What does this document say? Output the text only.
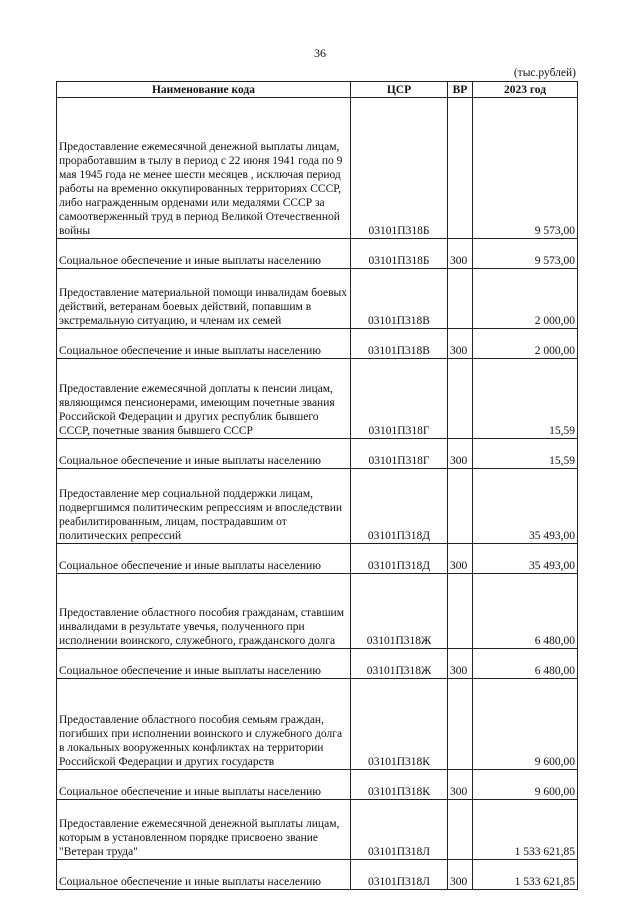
36
(тыс.рублей)
Наименование кода	ЦСР	ВР	2023 год
Предоставление ежемесячной денежной выплаты лицам, проработавшим в тылу в период с 22 июня 1941 года по 9 мая 1945 года не менее шести месяцев , исключая период работы на временно оккупированных территориях СССР, либо награжденным орденами или медалями СССР за самоотверженный труд в период Великой Отечественной войны	03101П318Б		9 573,00
Социальное обеспечение и иные выплаты населению	03101П318Б	300	9 573,00
Предоставление материальной помощи инвалидам боевых действий, ветеранам боевых действий, попавшим в экстремальную ситуацию, и членам их семей	03101П318В		2 000,00
Социальное обеспечение и иные выплаты населению	03101П318В	300	2 000,00
Предоставление ежемесячной доплаты к пенсии лицам, являющимся пенсионерами, имеющим почетные звания Российской Федерации и других республик бывшего СССР, почетные звания бывшего СССР	03101П318Г		15,59
Социальное обеспечение и иные выплаты населению	03101П318Г	300	15,59
Предоставление мер социальной поддержки лицам, подвергшимся политическим репрессиям и впоследствии реабилитированным, лицам, пострадавшим от политических репрессий	03101П318Д		35 493,00
Социальное обеспечение и иные выплаты населению	03101П318Д	300	35 493,00
Предоставление областного пособия гражданам, ставшим инвалидами в результате увечья, полученного при исполнении воинского, служебного, гражданского долга	03101П318Ж		6 480,00
Социальное обеспечение и иные выплаты населению	03101П318Ж	300	6 480,00
Предоставление областного пособия семьям граждан, погибших при исполнении воинского и служебного долга в локальных вооруженных конфликтах на территории Российской Федерации и других государств	03101П318К		9 600,00
Социальное обеспечение и иные выплаты населению	03101П318К	300	9 600,00
Предоставление ежемесячной денежной выплаты лицам, которым в установленном порядке присвоено звание "Ветеран труда"	03101П318Л		1 533 621,85
Социальное обеспечение и иные выплаты населению	03101П318Л	300	1 533 621,85
